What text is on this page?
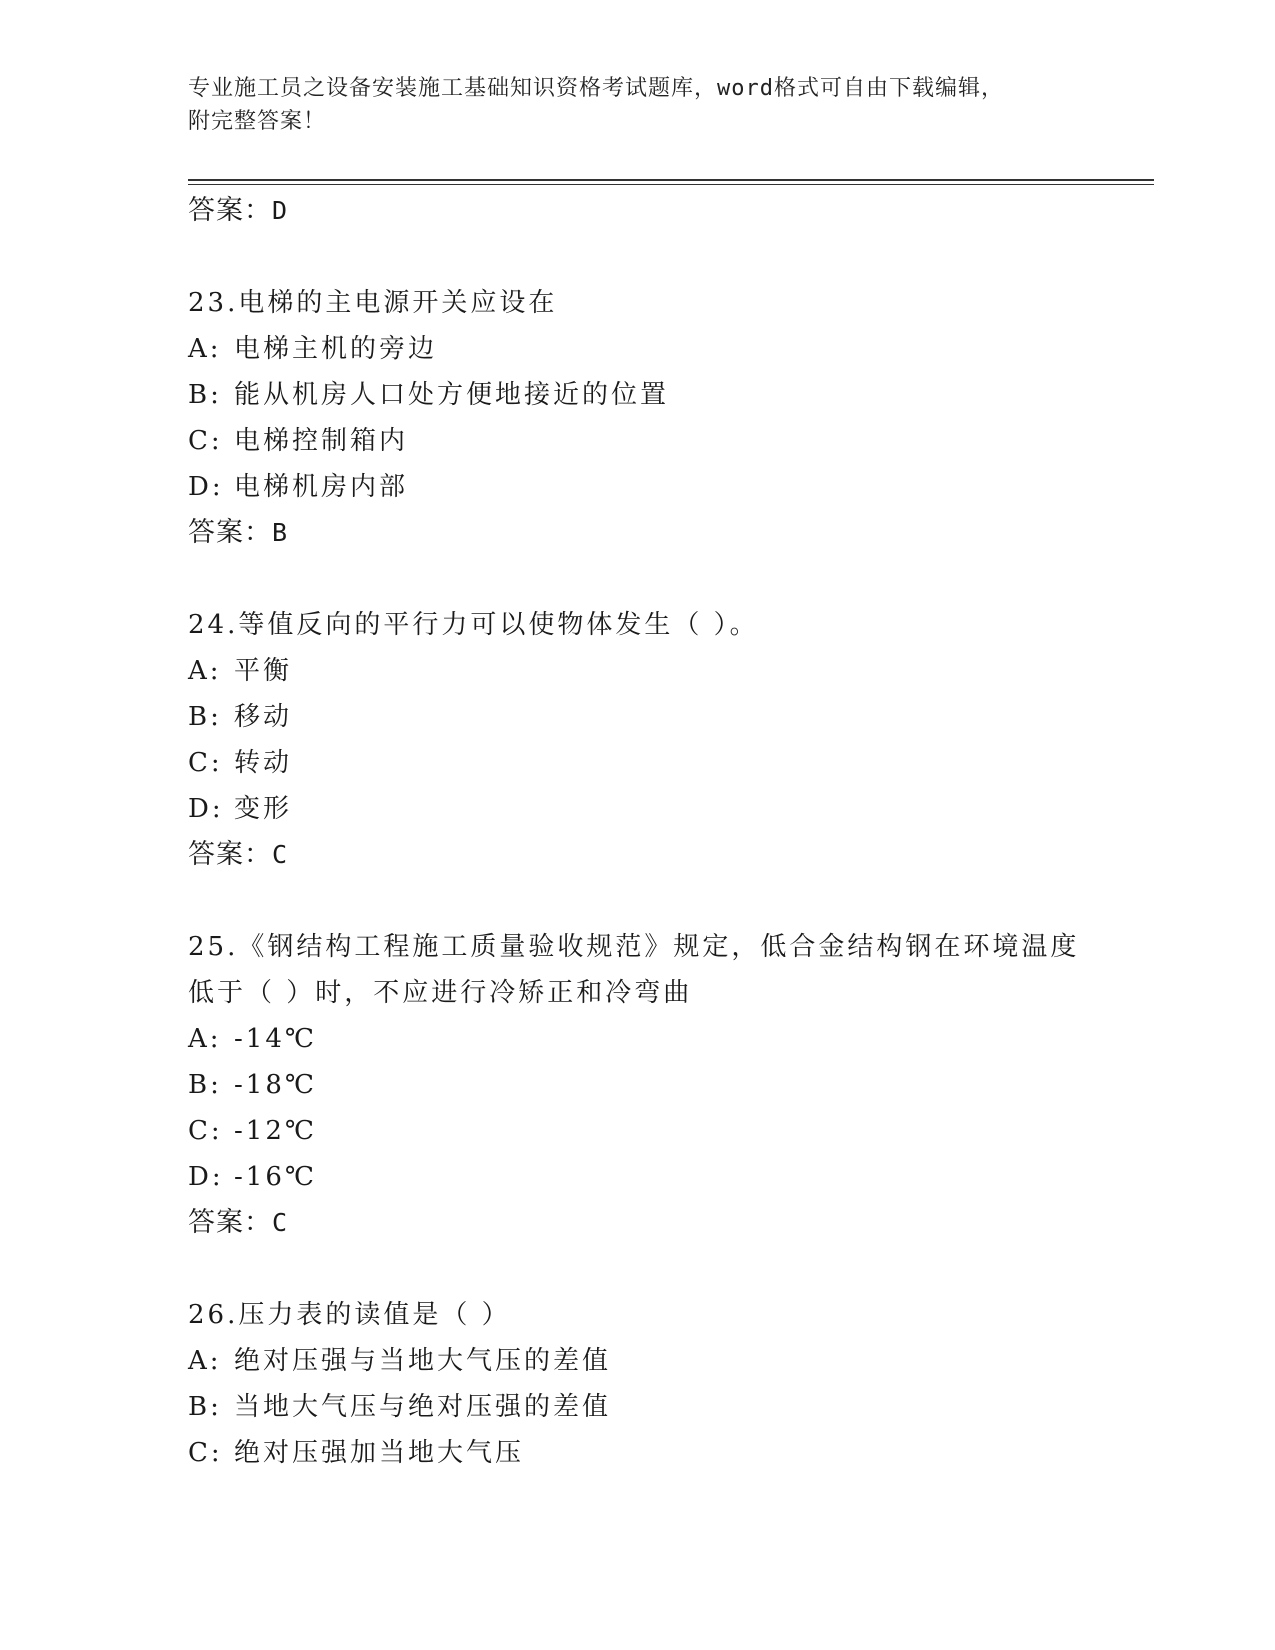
专业施工员之设备安装施工基础知识资格考试题库，word格式可自由下载编辑，
附完整答案！
答案：D
23.电梯的主电源开关应设在
A: 电梯主机的旁边
B: 能从机房人口处方便地接近的位置
C: 电梯控制箱内
D: 电梯机房内部
答案：B
24.等值反向的平行力可以使物体发生（ ）。
A: 平衡
B: 移动
C: 转动
D: 变形
答案：C
25.《钢结构工程施工质量验收规范》规定，低合金结构钢在环境温度
低于（ ）时，不应进行冷矫正和冷弯曲
A: -14℃
B: -18℃
C: -12℃
D: -16℃
答案：C
26.压力表的读值是（ ）
A: 绝对压强与当地大气压的差值
B: 当地大气压与绝对压强的差值
C: 绝对压强加当地大气压
